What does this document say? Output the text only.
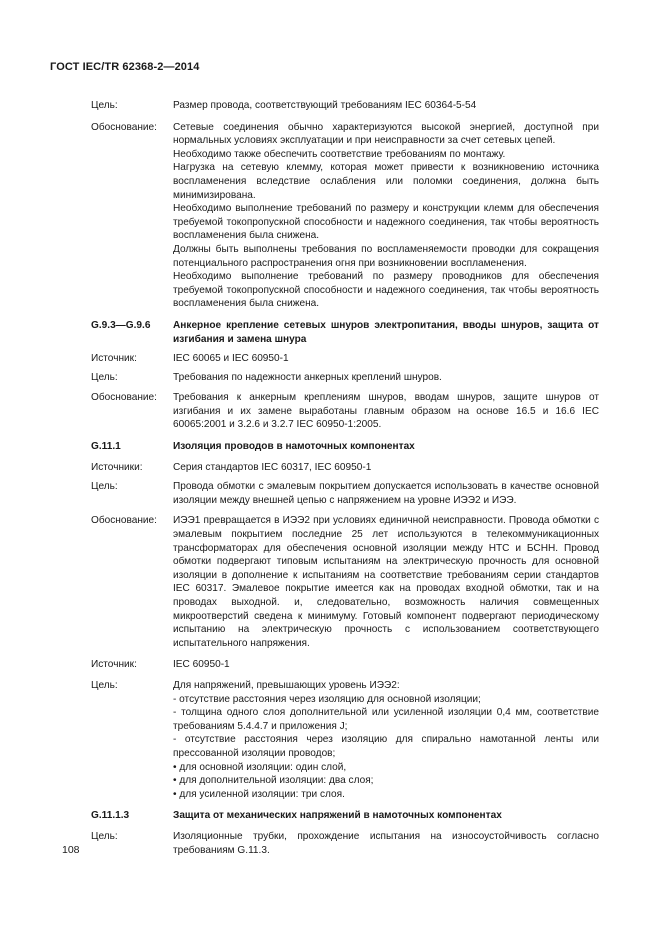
ГОСТ IEC/TR 62368-2—2014
Цель:	Размер провода, соответствующий требованиям IEC 60364-5-54

Обоснование: Сетевые соединения обычно характеризуются высокой энергией, доступной при нормальных условиях эксплуатации и при неисправности за счет сетевых цепей.

Необходимо также обеспечить соответствие требованиям по монтажу.

Нагрузка на сетевую клемму, которая может привести к возникновению источника воспламенения вследствие ослабления или поломки соединения, должна быть минимизирована.

Необходимо выполнение требований по размеру и конструкции клемм для обеспечения требуемой токопропускной способности и надежного соединения, так чтобы вероятность воспламенения была снижена.

Должны быть выполнены требования по воспламеняемости проводки для сокращения потенциального распространения огня при возникновении воспламенения.

Необходимо выполнение требований по размеру проводников для обеспечения требуемой токопропускной способности и надежного соединения, так чтобы вероятность воспламенения была снижена.

G.9.3—G.9.6 Анкерное крепление сетевых шнуров электропитания, вводы шнуров, защита от изгибания и замена шнура

Источник:	IEC 60065 и IEC 60950-1

Цель:	Требования по надежности анкерных креплений шнуров.

Обоснование: Требования к анкерным креплениям шнуров, вводам шнуров, защите шнуров от изгибания и их замене выработаны главным образом на основе 16.5 и 16.6 IEC 60065:2001 и 3.2.6 и 3.2.7 IEC 60950-1:2005.

G.11.1	Изоляция проводов в намоточных компонентах

Источники:	Серия стандартов IEC 60317, IEC 60950-1

Цель:	Провода обмотки с эмалевым покрытием допускается использовать в качестве основной изоляции между внешней цепью с напряжением на уровне ИЭЭ2 и ИЭЭ.

Обоснование: ИЭЭ1 превращается в ИЭЭ2 при условиях единичной неисправности. Провода обмотки с эмалевым покрытием последние 25 лет используются в телекоммуникационных трансформаторах для обеспечения основной изоляции между НТС и БСНН. Провод обмотки подвергают типовым испытаниям на электрическую прочность для основной изоляции в дополнение к испытаниям на соответствие требованиям серии стандартов IEC 60317. Эмалевое покрытие имеется как на проводах входной обмотки, так и на проводах выходной. и, следовательно, возможность наличия совмещенных микроотверстий сведена к минимуму. Готовый компонент подвергают периодическому испытанию на электрическую прочность с использованием соответствующего испытательного напряжения.

Источник:	IEC 60950-1

Цель:	Для напряжений, превышающих уровень ИЭЭ2:

- отсутствие расстояния через изоляцию для основной изоляции;

- толщина одного слоя дополнительной или усиленной изоляции 0,4 мм, соответствие требованиям 5.4.4.7 и приложения J;

- отсутствие расстояния через изоляцию для спирально намотанной ленты или прессованной изоляции проводов;

• для основной изоляции: один слой,

• для дополнительной изоляции: два слоя;

• для усиленной изоляции: три слоя.

G.11.1.3	Защита от механических напряжений в намоточных компонентах

Цель:	Изоляционные трубки, прохождение испытания на износоустойчивость согласно требованиям G.11.3.

108
